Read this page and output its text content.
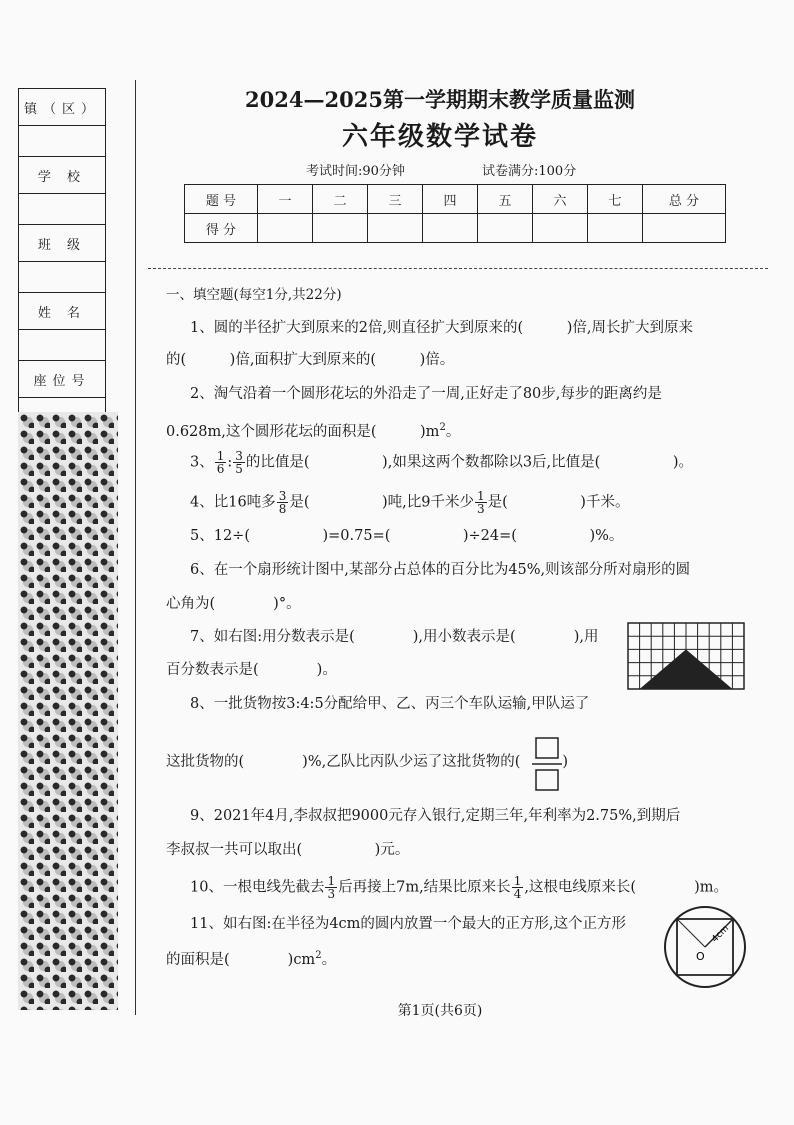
镇（区）

学 校

班 级

姓 名

座位号

2024—2025第一学期期末教学质量监测
六年级数学试卷
考试时间:90分钟	试卷满分:100分
题 号	一	二	三	四	五	六	七	总 分
得 分								
一、填空题(每空1分,共22分)
1、圆的半径扩大到原来的2倍,则直径扩大到原来的(　　　)倍,周长扩大到原来
的(　　　)倍,面积扩大到原来的(　　　)倍。
2、淘气沿着一个圆形花坛的外沿走了一周,正好走了80步,每步的距离约是
0.628m,这个圆形花坛的面积是(　　　)$m^2$。
3、 $\frac{1}{6}$ : $\frac{3}{5}$ 的比值是(　　　　　),如果这两个数都除以3后,比值是(　　　　　)。
4、比16吨多 $\frac{3}{8}$ 是(　　　　　)吨,比9千米少 $\frac{1}{3}$ 是(　　　　　)千米。
5、12÷(　　　　　)=0.75=(　　　　　)÷24=(　　　　　)%。
6、在一个扇形统计图中,某部分占总体的百分比为45%,则该部分所对扇形的圆
心角为(　　　　)°。
7、如右图:用分数表示是(　　　　),用小数表示是(　　　　),用
百分数表示是(　　　　)。
8、一批货物按3:4:5分配给甲、乙、丙三个车队运输,甲队运了
这批货物的(　　　　)%,乙队比丙队少运了这批货物的(	)
9、2021年4月,李叔叔把9000元存入银行,定期三年,年利率为2.75%,到期后
李叔叔一共可以取出(　　　　　)元。
10、一根电线先截去 $\frac{1}{3}$ 后再接上7m,结果比原来长 $\frac{1}{4}$ ,这根电线原来长(　　　　)m。
11、如右图:在半径为4cm的圆内放置一个最大的正方形,这个正方形
的面积是(　　　　)$cm^2$。	O
4cm
第1页(共6页)
